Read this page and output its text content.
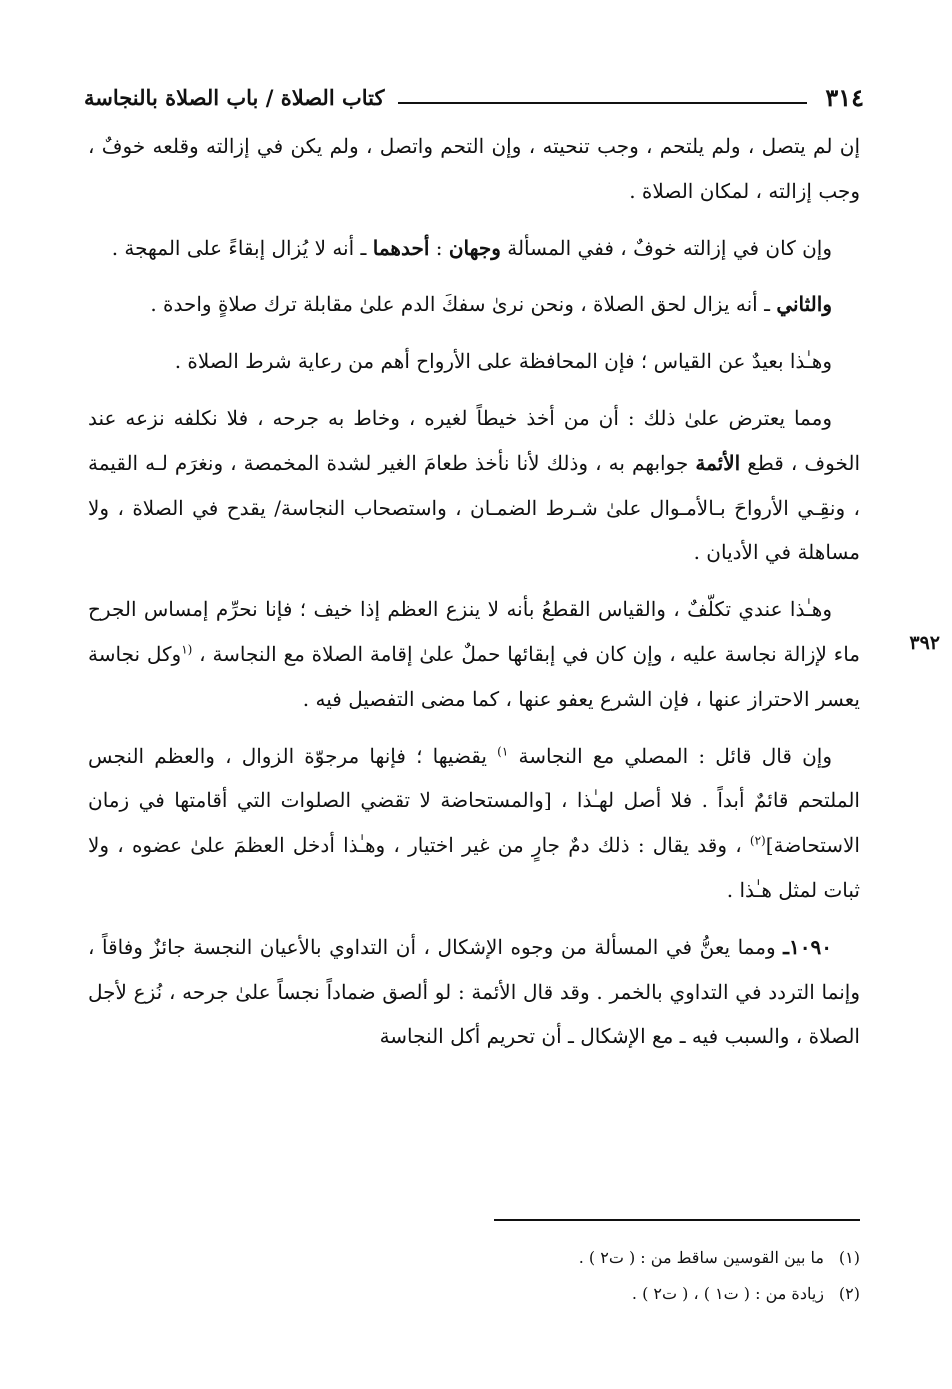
٣١٤
كتاب الصلاة / باب الصلاة بالنجاسة
٣٩٢

إن لم يتصل ، ولم يلتحم ، وجب تنحيته ، وإن التحم واتصل ، ولم يكن في إزالته وقلعه خوفٌ ، وجب إزالته ، لمكان الصلاة .

وإن كان في إزالته خوفٌ ، ففي المسألة وجهان : أحدهما ـ أنه لا يُزال إبقاءً على المهجة .

والثاني ـ أنه يزال لحق الصلاة ، ونحن نرىٰ سفكَ الدم علىٰ مقابلة ترك صلاةٍ واحدة .

وهـٰذا بعيدٌ عن القياس ؛ فإن المحافظة على الأرواح أهم من رعاية شرط الصلاة .

ومما يعترض علىٰ ذلك : أن من أخذ خيطاً لغيره ، وخاط به جرحه ، فلا نكلفه نزعه عند الخوف ، قطع الأئمة جوابهم به ، وذلك لأنا نأخذ طعامَ الغير لشدة المخمصة ، ونغرَم لـه القيمة ، ونقِـي الأرواحَ بـالأمـوال علىٰ شـرط الضمـان ، واستصحاب النجاسة/ يقدح في الصلاة ، ولا مساهلة في الأديان .

وهـٰذا عندي تكلّفٌ ، والقياس القطعُ بأنه لا ينزع العظم إذا خيف ؛ فإنا نحرِّم إمساس الجرح ماء لإزالة نجاسة عليه ، وإن كان في إبقائها حملٌ علىٰ إقامة الصلاة مع النجاسة ، $^{(١}$وكل نجاسة يعسر الاحتراز عنها ، فإن الشرع يعفو عنها ، كما مضى التفصيل فيه .

وإن قال قائل : المصلي مع النجاسة $^{١)}$ يقضيها ؛ فإنها مرجوّة الزوال ، والعظم النجس الملتحم قائمٌ أبداً . فلا أصل لهـٰذا ، [والمستحاضة لا تقضي الصلوات التي أقامتها في زمان الاستحاضة]$^{(٢)}$ ، وقد يقال : ذلك دمٌ جارٍ من غير اختيار ، وهـٰذا أدخل العظمَ علىٰ عضوه ، ولا ثبات لمثل هـٰذا .

١٠٩٠ـ ومما يعنُّ في المسألة من وجوه الإشكال ، أن التداوي بالأعيان النجسة جائزٌ وفاقاً ، وإنما التردد في التداوي بالخمر . وقد قال الأئمة : لو ألصق ضماداً نجساً علىٰ جرحه ، نُزع لأجل الصلاة ، والسبب فيه ـ مع الإشكال ـ أن تحريم أكل النجاسة

(١)
ما بين القوسين ساقط من : ( ت٢ ) .
(٢)
زيادة من : ( ت١ ) ، ( ت٢ ) .
